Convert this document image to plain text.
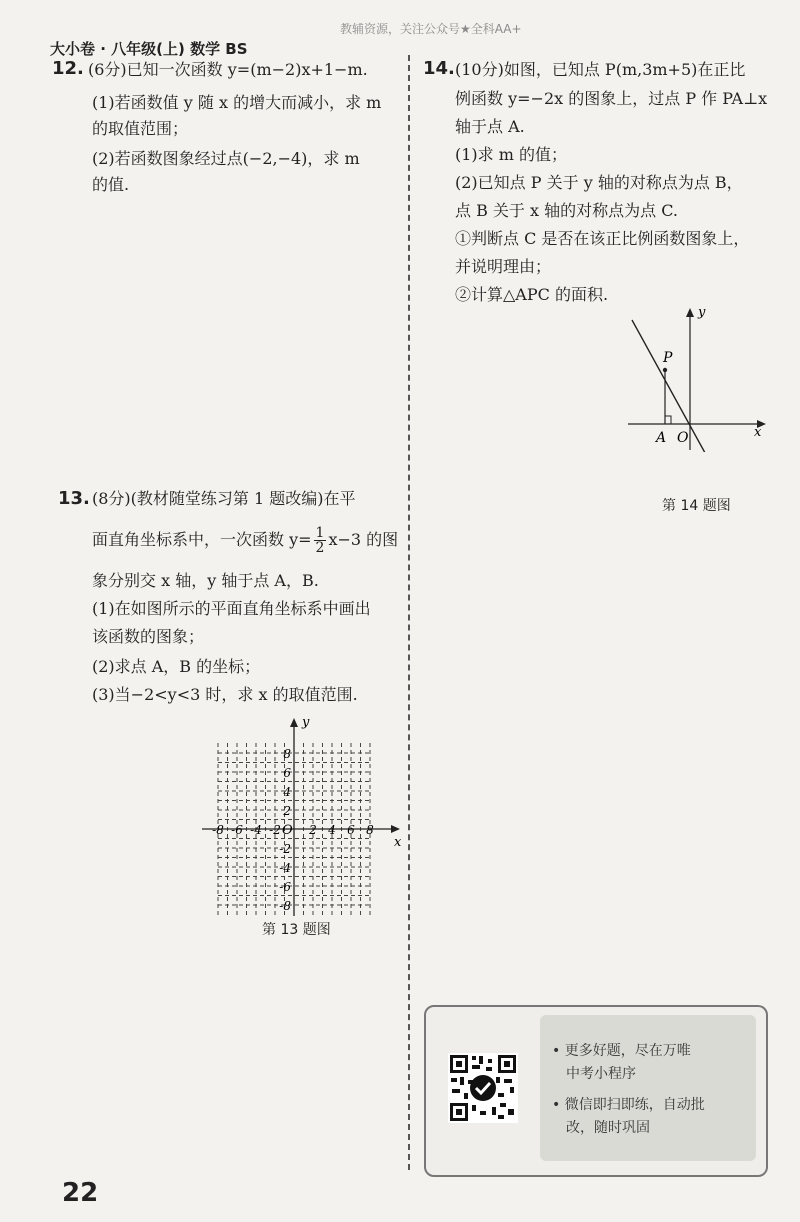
教辅资源，关注公众号★全科AA+
大小卷 · 八年级(上) 数学 BS
12. (6分)已知一次函数 y=(m−2)x+1−m.
(1)若函数值 y 随 x 的增大而减小，求 m
的取值范围；
(2)若函数图象经过点(−2,−4)，求 m
的值.
13. (8分)(教材随堂练习第 1 题改编)在平
面直角坐标系中，一次函数 $y= \frac{1}{2} x-3$ 的图
象分别交 x 轴，y 轴于点 A，B.
(1)在如图所示的平面直角坐标系中画出
该函数的图象；
(2)求点 A，B 的坐标；
(3)当−2<y<3 时，求 x 的取值范围.
x
y
O
-8 -6 -4 -2 2 4 6 8
8
6
4
2
-2
-4
-6
-8
第 13 题图
14. (10分)如图，已知点 P(m,3m+5)在正比
例函数 y=−2x 的图象上，过点 P 作 PA⊥x
轴于点 A.
(1)求 m 的值；
(2)已知点 P 关于 y 轴的对称点为点 B，
点 B 关于 x 轴的对称点为点 C.
①判断点 C 是否在该正比例函数图象上，
并说明理由；
②计算△APC 的面积.
P
A O	x
y
第 14 题图
• 更多好题，尽在万唯
中考小程序
• 微信即扫即练，自动批
改，随时巩固
22
